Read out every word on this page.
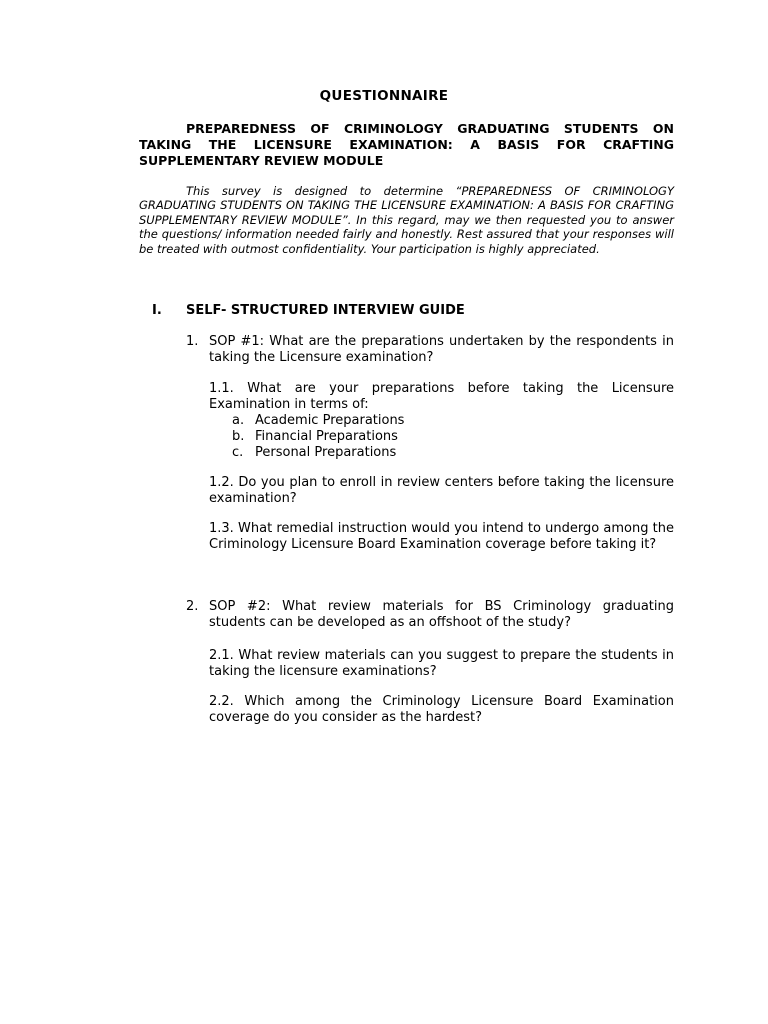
QUESTIONNAIRE
PREPAREDNESS OF CRIMINOLOGY GRADUATING STUDENTS ON TAKING THE LICENSURE EXAMINATION: A BASIS FOR CRAFTING SUPPLEMENTARY REVIEW MODULE
This survey is designed to determine “PREPAREDNESS OF CRIMINOLOGY GRADUATING STUDENTS ON TAKING THE LICENSURE EXAMINATION: A BASIS FOR CRAFTING SUPPLEMENTARY REVIEW MODULE”. In this regard, may we then requested you to answer the questions/ information needed fairly and honestly. Rest assured that your responses will be treated with outmost confidentiality. Your participation is highly appreciated.
I. SELF- STRUCTURED INTERVIEW GUIDE
1. SOP #1: What are the preparations undertaken by the respondents in taking the Licensure examination?
1.1. What are your preparations before taking the Licensure Examination in terms of:
a. Academic Preparations
b. Financial Preparations
c. Personal Preparations
1.2. Do you plan to enroll in review centers before taking the licensure examination?
1.3. What remedial instruction would you intend to undergo among the Criminology Licensure Board Examination coverage before taking it?
2. SOP #2: What review materials for BS Criminology graduating students can be developed as an offshoot of the study?
2.1. What review materials can you suggest to prepare the students in taking the licensure examinations?
2.2. Which among the Criminology Licensure Board Examination coverage do you consider as the hardest?
